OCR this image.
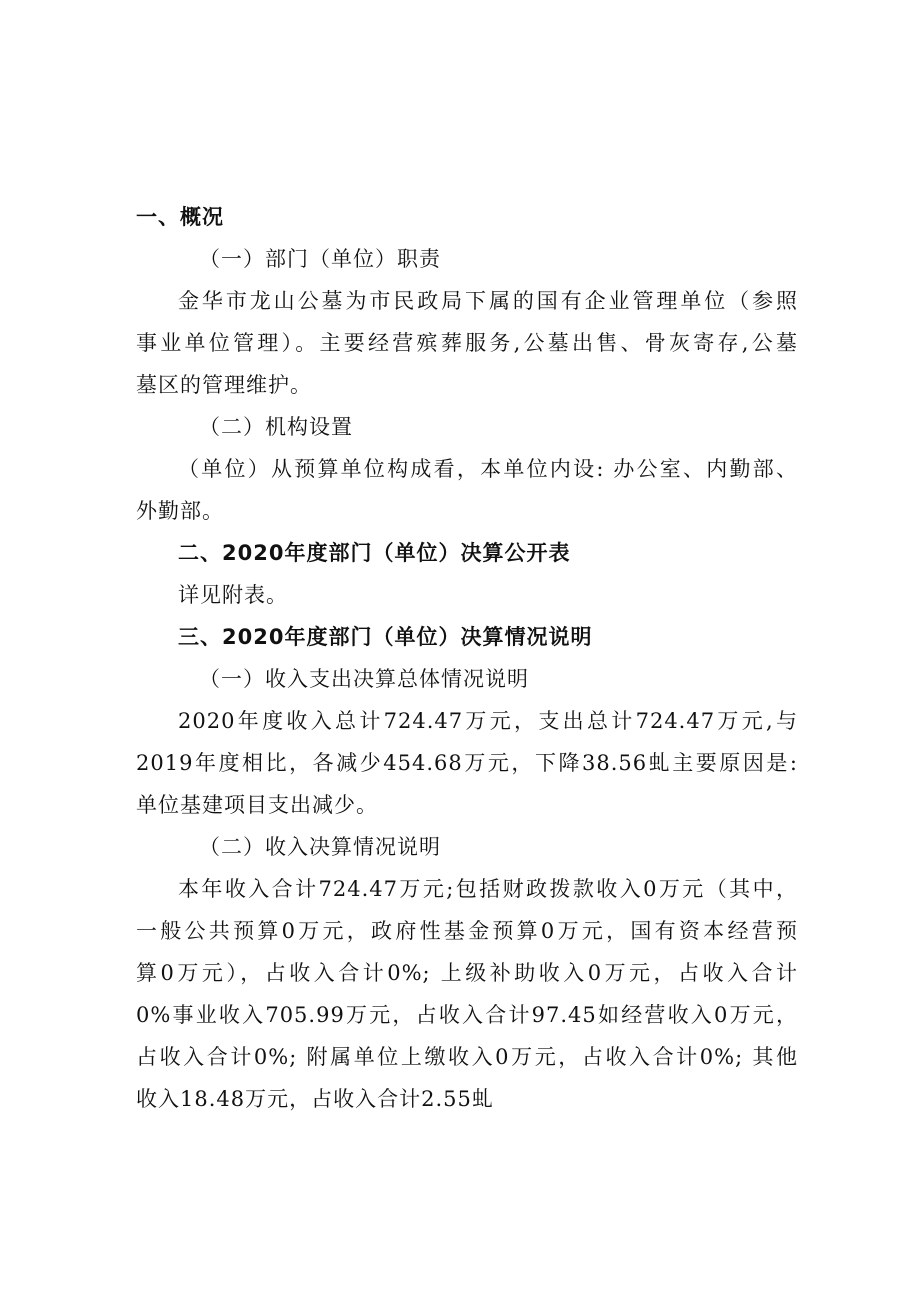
一、概况
（一）部门（单位）职责
金华市龙山公墓为市民政局下属的国有企业管理单位（参照
事业单位管理）。主要经营殡葬服务,公墓出售、骨灰寄存,公墓
墓区的管理维护。
（二）机构设置
（单位）从预算单位构成看，本单位内设: 办公室、内勤部、
外勤部。
二、2020年度部门（单位）决算公开表
详见附表。
三、2020年度部门（单位）决算情况说明
（一）收入支出决算总体情况说明
2020年度收入总计724.47万元，支出总计724.47万元,与
2019年度相比，各减少454.68万元，下降38.56虬主要原因是:
单位基建项目支出减少。
（二）收入决算情况说明
本年收入合计724.47万元;包括财政拨款收入0万元（其中，
一般公共预算0万元，政府性基金预算0万元，国有资本经营预
算0万元），占收入合计0%; 上级补助收入0万元，占收入合计
0%事业收入705.99万元，占收入合计97.45如经营收入0万元，
占收入合计0%; 附属单位上缴收入0万元，占收入合计0%; 其他
收入18.48万元，占收入合计2.55虬
